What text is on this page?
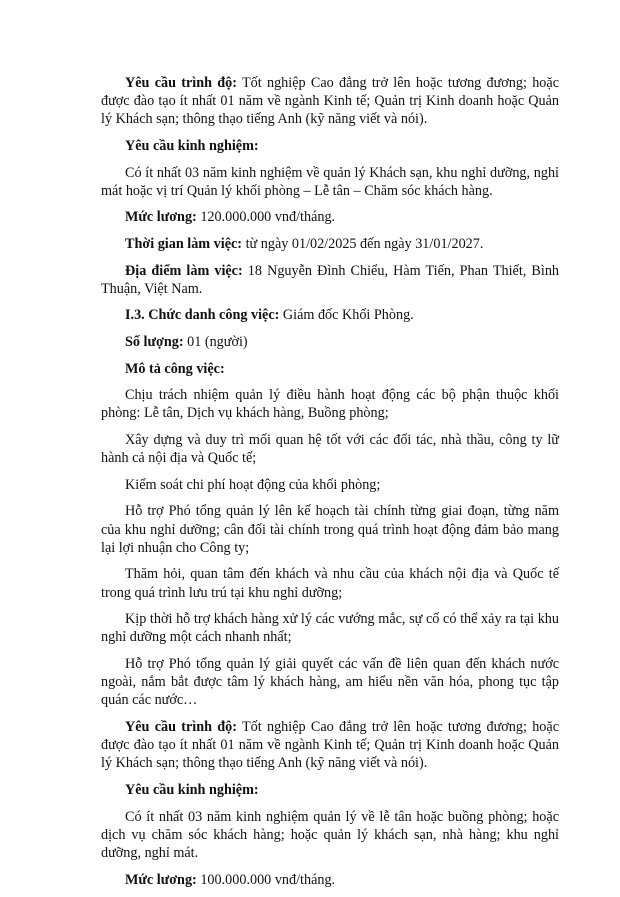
Yêu cầu trình độ: Tốt nghiệp Cao đẳng trở lên hoặc tương đương; hoặc được đào tạo ít nhất 01 năm về ngành Kinh tế; Quản trị Kinh doanh hoặc Quản lý Khách sạn; thông thạo tiếng Anh (kỹ năng viết và nói).

Yêu cầu kinh nghiệm:

Có ít nhất 03 năm kinh nghiệm về quản lý Khách sạn, khu nghỉ dưỡng, nghỉ mát hoặc vị trí Quản lý khối phòng – Lễ tân – Chăm sóc khách hàng.

Mức lương: 120.000.000 vnđ/tháng.

Thời gian làm việc: từ ngày 01/02/2025 đến ngày 31/01/2027.

Địa điểm làm việc: 18 Nguyễn Đình Chiểu, Hàm Tiến, Phan Thiết, Bình Thuận, Việt Nam.

I.3. Chức danh công việc: Giám đốc Khối Phòng.

Số lượng: 01 (người)

Mô tả công việc:

Chịu trách nhiệm quản lý điều hành hoạt động các bộ phận thuộc khối phòng: Lễ tân, Dịch vụ khách hàng, Buồng phòng;

Xây dựng và duy trì mối quan hệ tốt với các đối tác, nhà thầu, công ty lữ hành cả nội địa và Quốc tế;

Kiểm soát chi phí hoạt động của khối phòng;

Hỗ trợ Phó tổng quản lý lên kế hoạch tài chính từng giai đoạn, từng năm của khu nghỉ dưỡng; cân đối tài chính trong quá trình hoạt động đảm bảo mang lại lợi nhuận cho Công ty;

Thăm hỏi, quan tâm đến khách và nhu cầu của khách nội địa và Quốc tế trong quá trình lưu trú tại khu nghỉ dưỡng;

Kịp thời hỗ trợ khách hàng xử lý các vướng mắc, sự cố có thể xảy ra tại khu nghỉ dưỡng một cách nhanh nhất;

Hỗ trợ Phó tổng quản lý giải quyết các vấn đề liên quan đến khách nước ngoài, nắm bắt được tâm lý khách hàng, am hiểu nền văn hóa, phong tục tập quán các nước…

Yêu cầu trình độ: Tốt nghiệp Cao đẳng trở lên hoặc tương đương; hoặc được đào tạo ít nhất 01 năm về ngành Kinh tế; Quản trị Kinh doanh hoặc Quản lý Khách sạn; thông thạo tiếng Anh (kỹ năng viết và nói).

Yêu cầu kinh nghiệm:

Có ít nhất 03 năm kinh nghiệm quản lý về lễ tân hoặc buồng phòng; hoặc dịch vụ chăm sóc khách hàng; hoặc quản lý khách sạn, nhà hàng; khu nghỉ dưỡng, nghỉ mát.

Mức lương: 100.000.000 vnđ/tháng.
